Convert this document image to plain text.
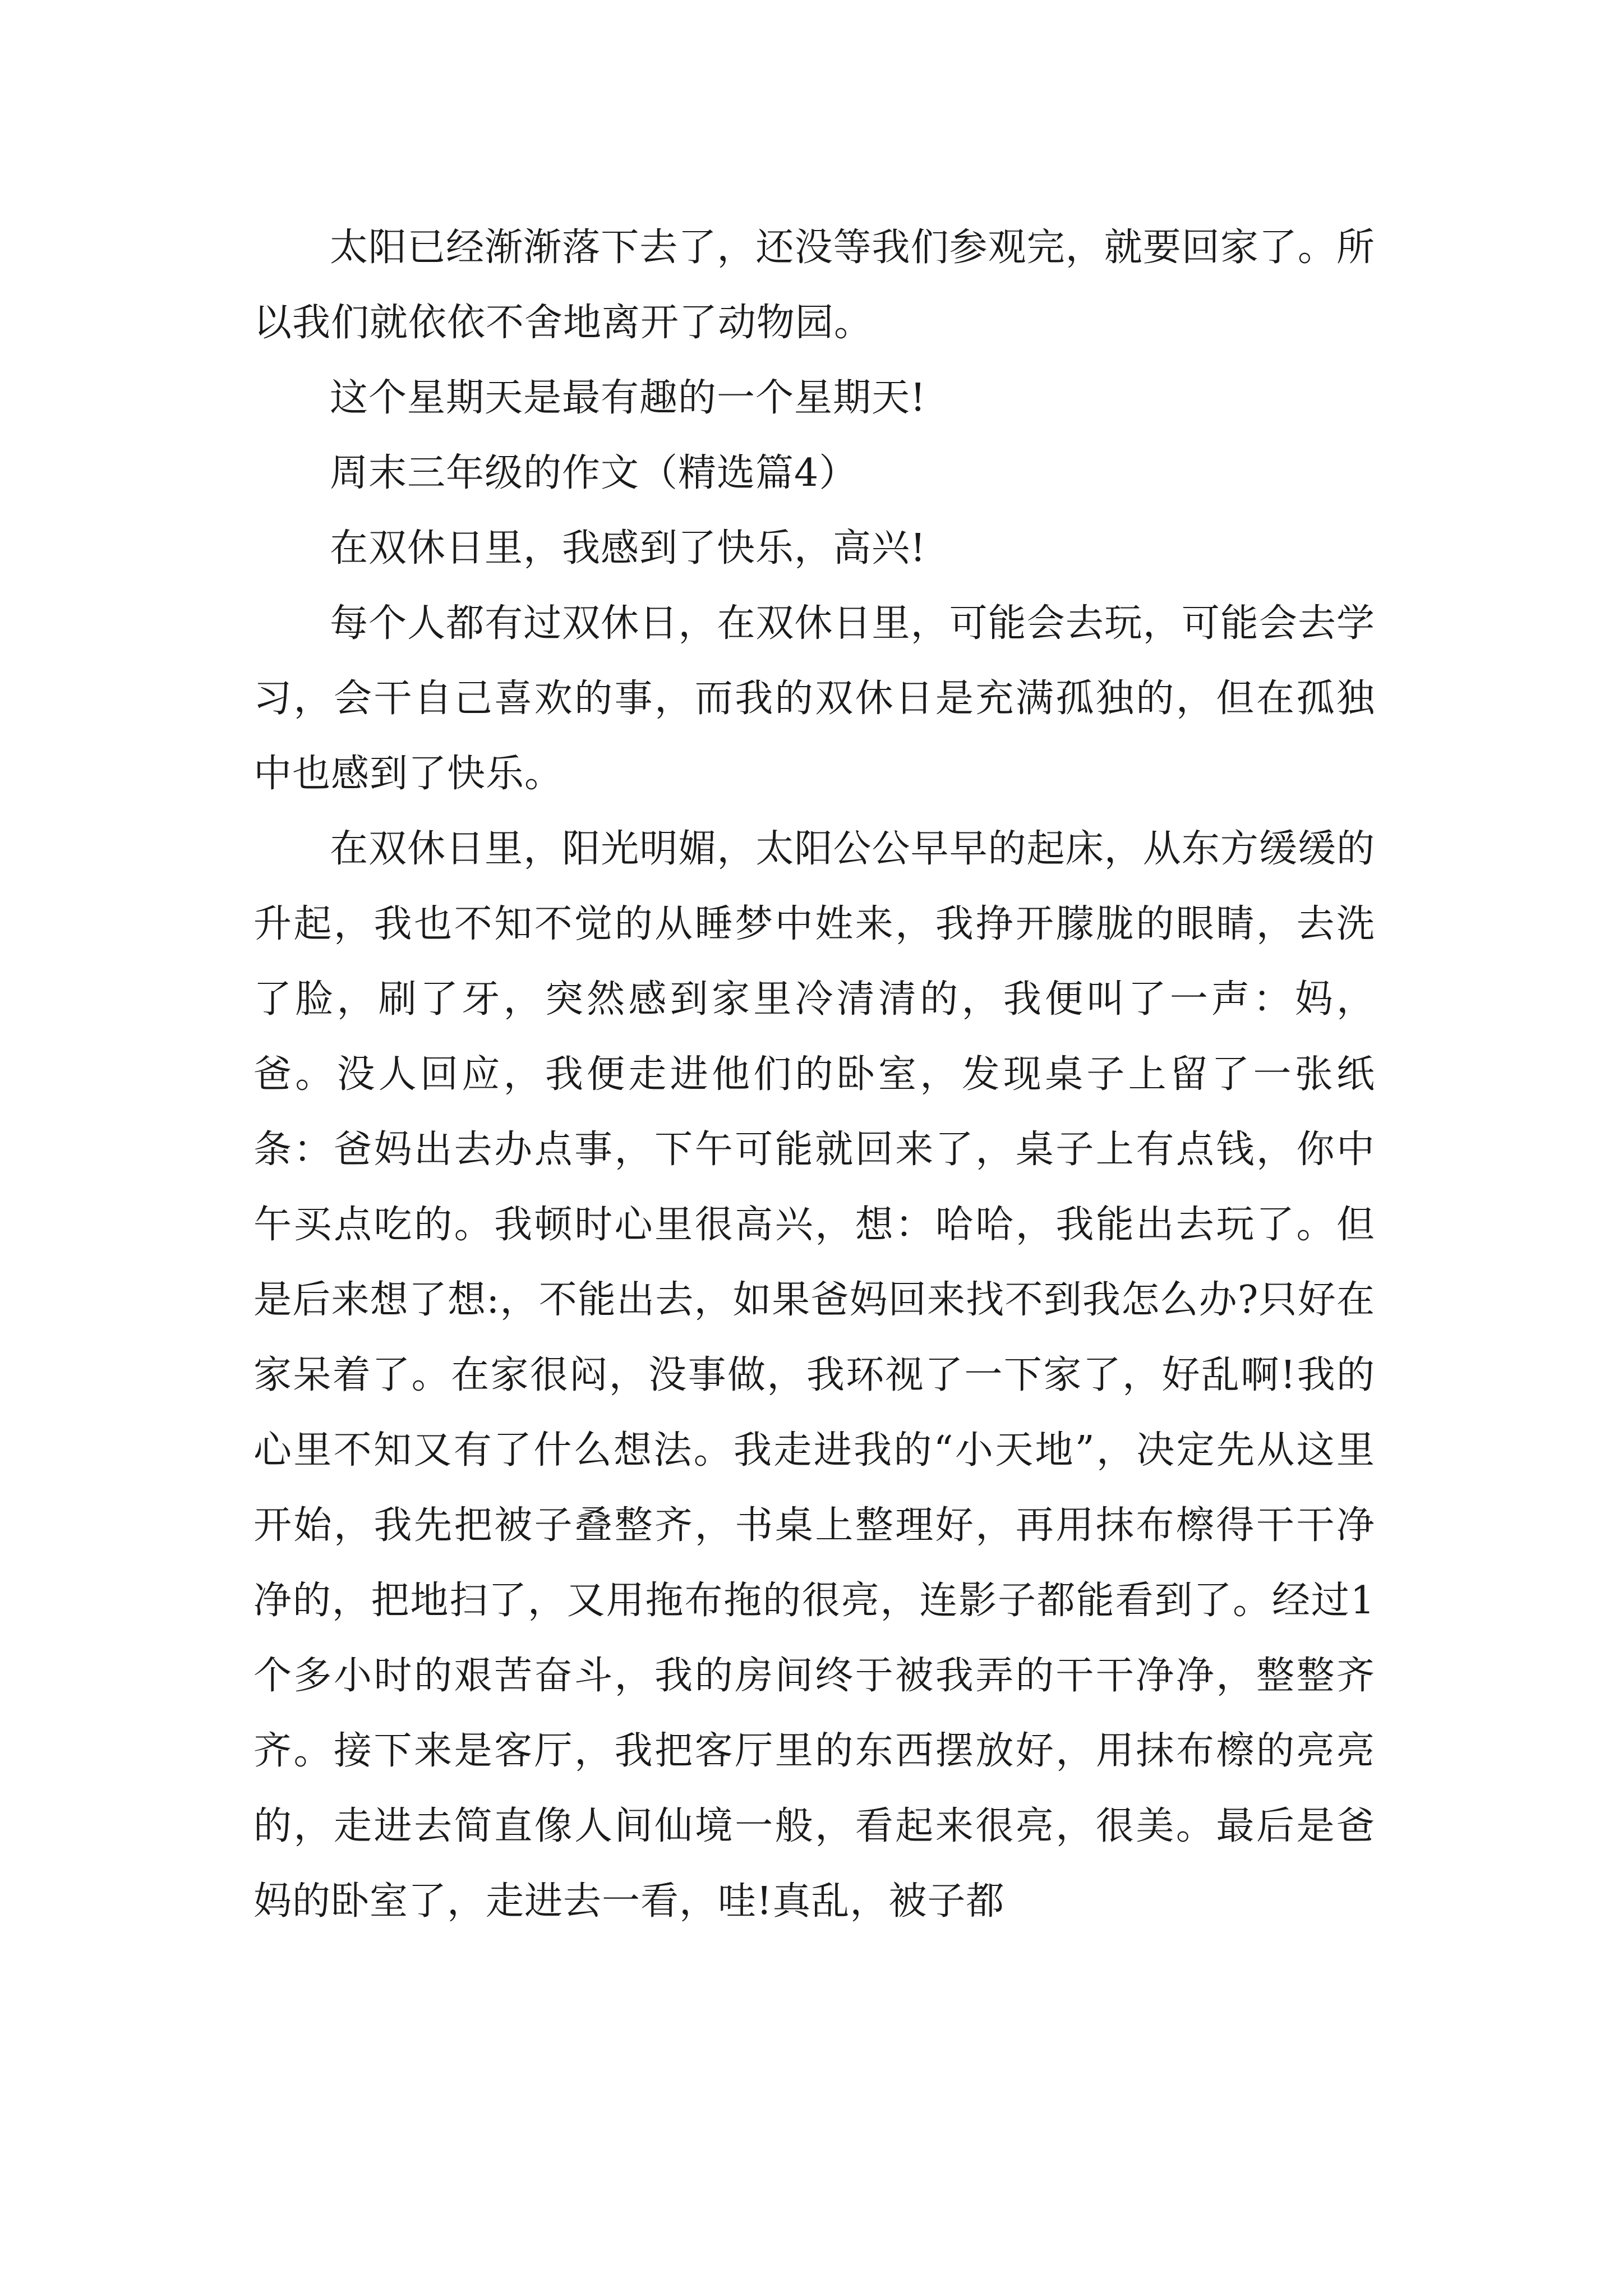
太阳已经渐渐落下去了，还没等我们参观完，就要回家了。所以我们就依依不舍地离开了动物园。

这个星期天是最有趣的一个星期天!

周末三年级的作文（精选篇4）

在双休日里，我感到了快乐，高兴!

每个人都有过双休日，在双休日里，可能会去玩，可能会去学习，会干自己喜欢的事，而我的双休日是充满孤独的，但在孤独中也感到了快乐。

在双休日里，阳光明媚，太阳公公早早的起床，从东方缓缓的升起，我也不知不觉的从睡梦中姓来，我挣开朦胧的眼睛，去洗了脸，刷了牙，突然感到家里冷清清的，我便叫了一声：妈，爸。没人回应，我便走进他们的卧室，发现桌子上留了一张纸条：爸妈出去办点事，下午可能就回来了，桌子上有点钱，你中午买点吃的。我顿时心里很高兴，想：哈哈，我能出去玩了。但是后来想了想:，不能出去，如果爸妈回来找不到我怎么办?只好在家呆着了。在家很闷，没事做，我环视了一下家了，好乱啊!我的心里不知又有了什么想法。我走进我的“小天地”，决定先从这里开始，我先把被子叠整齐，书桌上整理好，再用抹布檫得干干净净的，把地扫了，又用拖布拖的很亮，连影子都能看到了。经过1个多小时的艰苦奋斗，我的房间终于被我弄的干干净净，整整齐齐。接下来是客厅，我把客厅里的东西摆放好，用抹布檫的亮亮的，走进去简直像人间仙境一般，看起来很亮，很美。最后是爸妈的卧室了，走进去一看，哇!真乱，被子都
